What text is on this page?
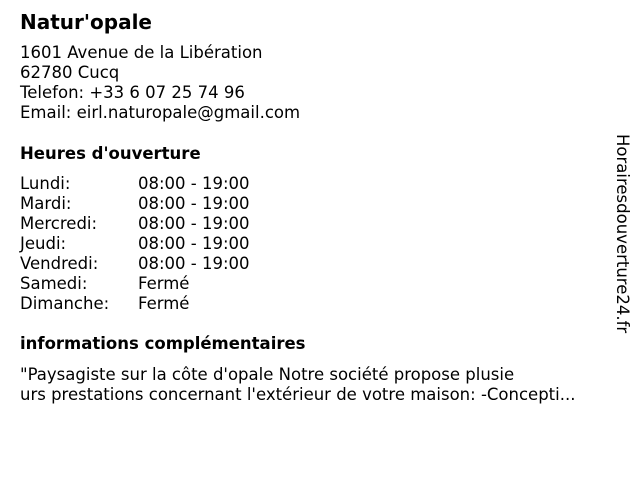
Natur'opale
1601 Avenue de la Libération
62780 Cucq
Telefon: +33 6 07 25 74 96
Email: eirl.naturopale@gmail.com
Heures d'ouverture
Lundi:	08:00 - 19:00
Mardi:	08:00 - 19:00
Mercredi: 08:00 - 19:00
Jeudi:	08:00 - 19:00
Vendredi: 08:00 - 19:00
Samedi:	Fermé
Dimanche: Fermé
informations complémentaires
"Paysagiste sur la côte d'opale Notre société propose plusie
urs prestations concernant l'extérieur de votre maison: -Concepti...
Horairesdouverture24.fr
